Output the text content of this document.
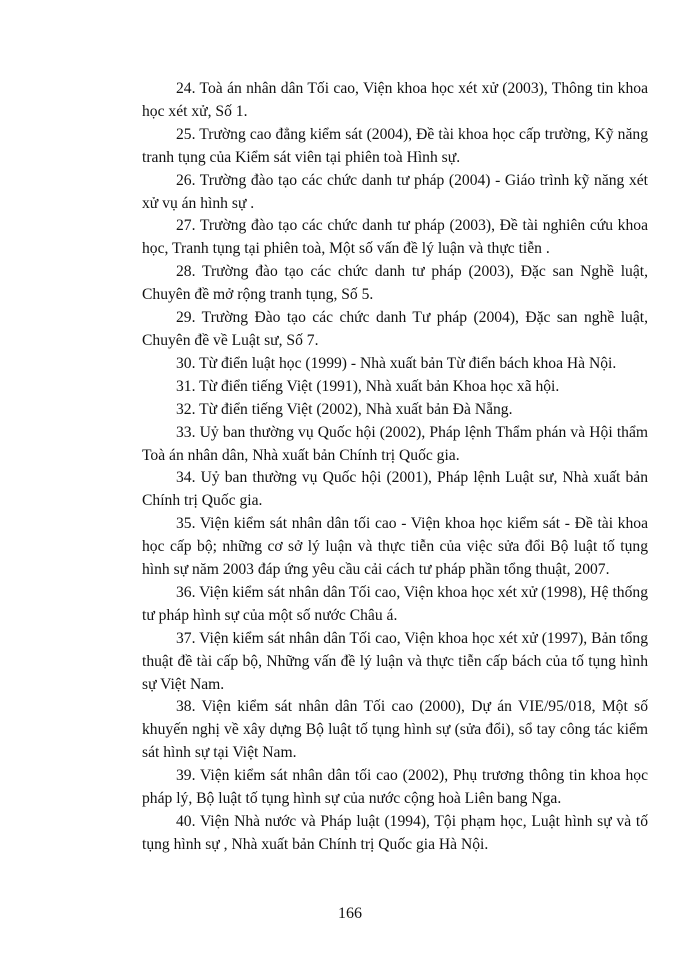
24. Toà án nhân dân Tối cao, Viện khoa học xét xử (2003), Thông tin khoa học xét xử, Số 1.

25. Trường cao đẳng kiểm sát (2004), Đề tài khoa học cấp trường, Kỹ năng tranh tụng của Kiểm sát viên tại phiên toà Hình sự.

26. Trường đào tạo các chức danh tư pháp (2004) - Giáo trình kỹ năng xét xử vụ án hình sự .

27. Trường đào tạo các chức danh tư pháp (2003), Đề tài nghiên cứu khoa học, Tranh tụng tại phiên toà, Một số vấn đề lý luận và thực tiễn .

28. Trường đào tạo các chức danh tư pháp (2003), Đặc san Nghề luật, Chuyên đề mở rộng tranh tụng, Số 5.

29. Trường Đào tạo các chức danh Tư pháp (2004), Đặc san nghề luật, Chuyên đề về Luật sư, Số 7.

30. Từ điển luật học (1999) - Nhà xuất bản Từ điển bách khoa Hà Nội.

31. Từ điển tiếng Việt (1991), Nhà xuất bản Khoa học xã hội.

32. Từ điển tiếng Việt (2002), Nhà xuất bản Đà Nẵng.

33. Uỷ ban thường vụ Quốc hội (2002), Pháp lệnh Thẩm phán và Hội thẩm Toà án nhân dân, Nhà xuất bản Chính trị Quốc gia.

34. Uỷ ban thường vụ Quốc hội (2001), Pháp lệnh Luật sư, Nhà xuất bản Chính trị Quốc gia.

35. Viện kiểm sát nhân dân tối cao - Viện khoa học kiểm sát - Đề tài khoa học cấp bộ; những cơ sở lý luận và thực tiễn của việc sửa đổi Bộ luật tố tụng hình sự năm 2003 đáp ứng yêu cầu cải cách tư pháp phần tổng thuật, 2007.

36. Viện kiểm sát nhân dân Tối cao, Viện khoa học xét xử (1998), Hệ thống tư pháp hình sự của một số nước Châu á.

37. Viện kiểm sát nhân dân Tối cao, Viện khoa học xét xử (1997), Bản tổng thuật đề tài cấp bộ, Những vấn đề lý luận và thực tiễn cấp bách của tố tụng hình sự Việt Nam.

38. Viện kiểm sát nhân dân Tối cao (2000), Dự án VIE/95/018, Một số khuyến nghị về xây dựng Bộ luật tố tụng hình sự (sửa đổi), sổ tay công tác kiểm sát hình sự tại Việt Nam.

39. Viện kiểm sát nhân dân tối cao (2002), Phụ trương thông tin khoa học pháp lý, Bộ luật tố tụng hình sự của nước cộng hoà Liên bang Nga.

40. Viện Nhà nước và Pháp luật (1994), Tội phạm học, Luật hình sự và tố tụng hình sự , Nhà xuất bản Chính trị Quốc gia Hà Nội.

166
